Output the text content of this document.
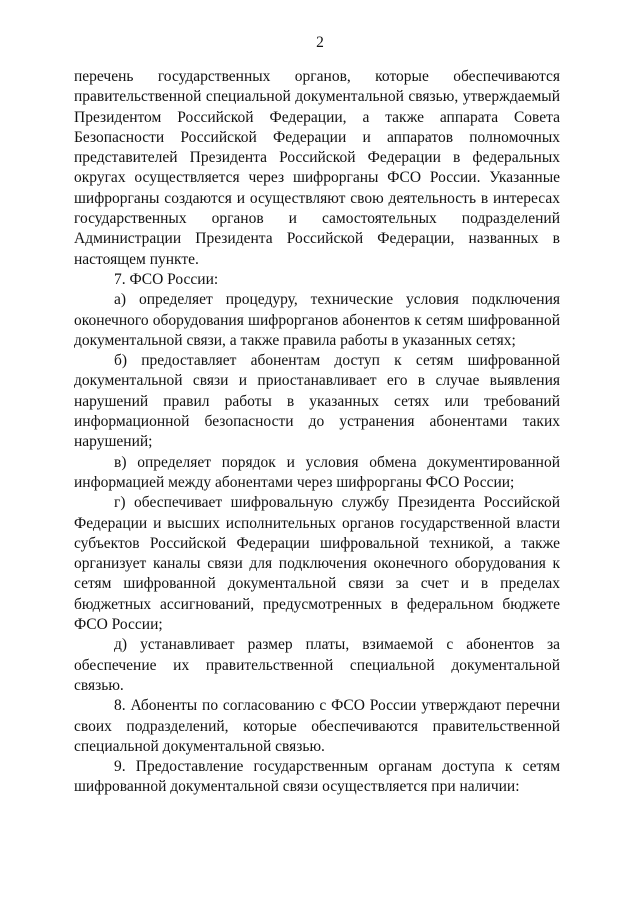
2

перечень государственных органов, которые обеспечиваются правительственной специальной документальной связью, утверждаемый Президентом Российской Федерации, а также аппарата Совета Безопасности Российской Федерации и аппаратов полномочных представителей Президента Российской Федерации в федеральных округах осуществляется через шифрорганы ФСО России. Указанные шифрорганы создаются и осуществляют свою деятельность в интересах государственных органов и самостоятельных подразделений Администрации Президента Российской Федерации, названных в настоящем пункте.

7. ФСО России:

а) определяет процедуру, технические условия подключения оконечного оборудования шифрорганов абонентов к сетям шифрованной документальной связи, а также правила работы в указанных сетях;

б) предоставляет абонентам доступ к сетям шифрованной документальной связи и приостанавливает его в случае выявления нарушений правил работы в указанных сетях или требований информационной безопасности до устранения абонентами таких нарушений;

в) определяет порядок и условия обмена документированной информацией между абонентами через шифрорганы ФСО России;

г) обеспечивает шифровальную службу Президента Российской Федерации и высших исполнительных органов государственной власти субъектов Российской Федерации шифровальной техникой, а также организует каналы связи для подключения оконечного оборудования к сетям шифрованной документальной связи за счет и в пределах бюджетных ассигнований, предусмотренных в федеральном бюджете ФСО России;

д) устанавливает размер платы, взимаемой с абонентов за обеспечение их правительственной специальной документальной связью.

8. Абоненты по согласованию с ФСО России утверждают перечни своих подразделений, которые обеспечиваются правительственной специальной документальной связью.

9. Предоставление государственным органам доступа к сетям шифрованной документальной связи осуществляется при наличии:
